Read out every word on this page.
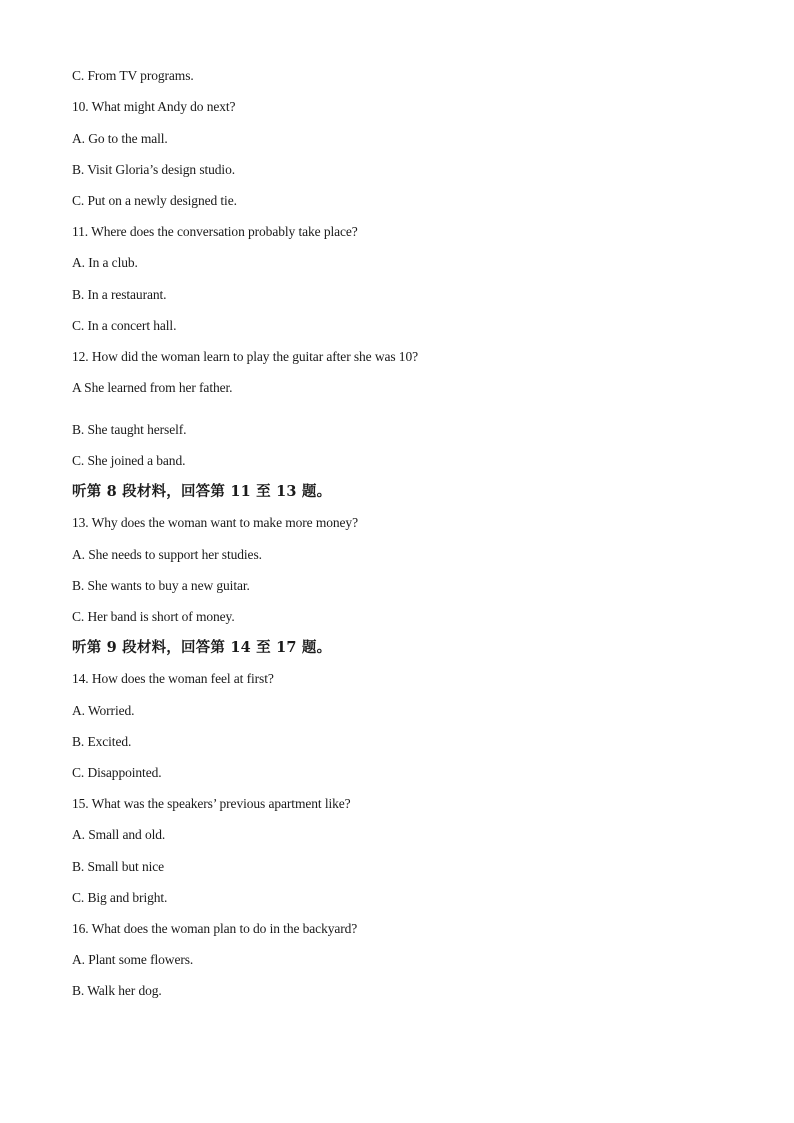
C. From TV programs.
10. What might Andy do next?
A. Go to the mall.
B. Visit Gloria’s design studio.
C. Put on a newly designed tie.
11. Where does the conversation probably take place?
A. In a club.
B. In a restaurant.
C. In a concert hall.
12. How did the woman learn to play the guitar after she was 10?
A She learned from her father.
B. She taught herself.
C. She joined a band.
听第 8 段材料，回答第 11 至 13 题。
13. Why does the woman want to make more money?
A. She needs to support her studies.
B. She wants to buy a new guitar.
C. Her band is short of money.
听第 9 段材料，回答第 14 至 17 题。
14. How does the woman feel at first?
A. Worried.
B. Excited.
C. Disappointed.
15. What was the speakers’ previous apartment like?
A. Small and old.
B. Small but nice
C. Big and bright.
16. What does the woman plan to do in the backyard?
A. Plant some flowers.
B. Walk her dog.
